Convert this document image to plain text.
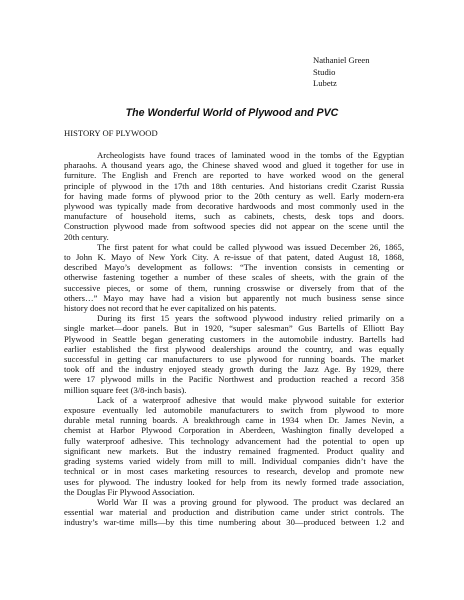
Nathaniel Green
Studio
Lubetz
The Wonderful World of Plywood and PVC
HISTORY OF PLYWOOD

Archeologists have found traces of laminated wood in the tombs of the Egyptian
pharaohs. A thousand years ago, the Chinese shaved wood and glued it together for use in
furniture. The English and French are reported to have worked wood on the general
principle of plywood in the 17th and 18th centuries. And historians credit Czarist Russia
for having made forms of plywood prior to the 20th century as well. Early modern-era
plywood was typically made from decorative hardwoods and most commonly used in the
manufacture of household items, such as cabinets, chests, desk tops and doors.
Construction plywood made from softwood species did not appear on the scene until the
20th century.

The first patent for what could be called plywood was issued December 26, 1865,
to John K. Mayo of New York City. A re-issue of that patent, dated August 18, 1868,
described Mayo’s development as follows: “The invention consists in cementing or
otherwise fastening together a number of these scales of sheets, with the grain of the
successive pieces, or some of them, running crosswise or diversely from that of the
others…” Mayo may have had a vision but apparently not much business sense since
history does not record that he ever capitalized on his patents.

During its first 15 years the softwood plywood industry relied primarily on a
single market—door panels. But in 1920, “super salesman” Gus Bartells of Elliott Bay
Plywood in Seattle began generating customers in the automobile industry. Bartells had
earlier established the first plywood dealerships around the country, and was equally
successful in getting car manufacturers to use plywood for running boards. The market
took off and the industry enjoyed steady growth during the Jazz Age. By 1929, there
were 17 plywood mills in the Pacific Northwest and production reached a record 358
million square feet (3/8-inch basis).

Lack of a waterproof adhesive that would make plywood suitable for exterior
exposure eventually led automobile manufacturers to switch from plywood to more
durable metal running boards. A breakthrough came in 1934 when Dr. James Nevin, a
chemist at Harbor Plywood Corporation in Aberdeen, Washington finally developed a
fully waterproof adhesive. This technology advancement had the potential to open up
significant new markets. But the industry remained fragmented. Product quality and
grading systems varied widely from mill to mill. Individual companies didn’t have the
technical or in most cases marketing resources to research, develop and promote new
uses for plywood. The industry looked for help from its newly formed trade association,
the Douglas Fir Plywood Association.

World War II was a proving ground for plywood. The product was declared an
essential war material and production and distribution came under strict controls. The
industry’s war-time mills—by this time numbering about 30—produced between 1.2 and
